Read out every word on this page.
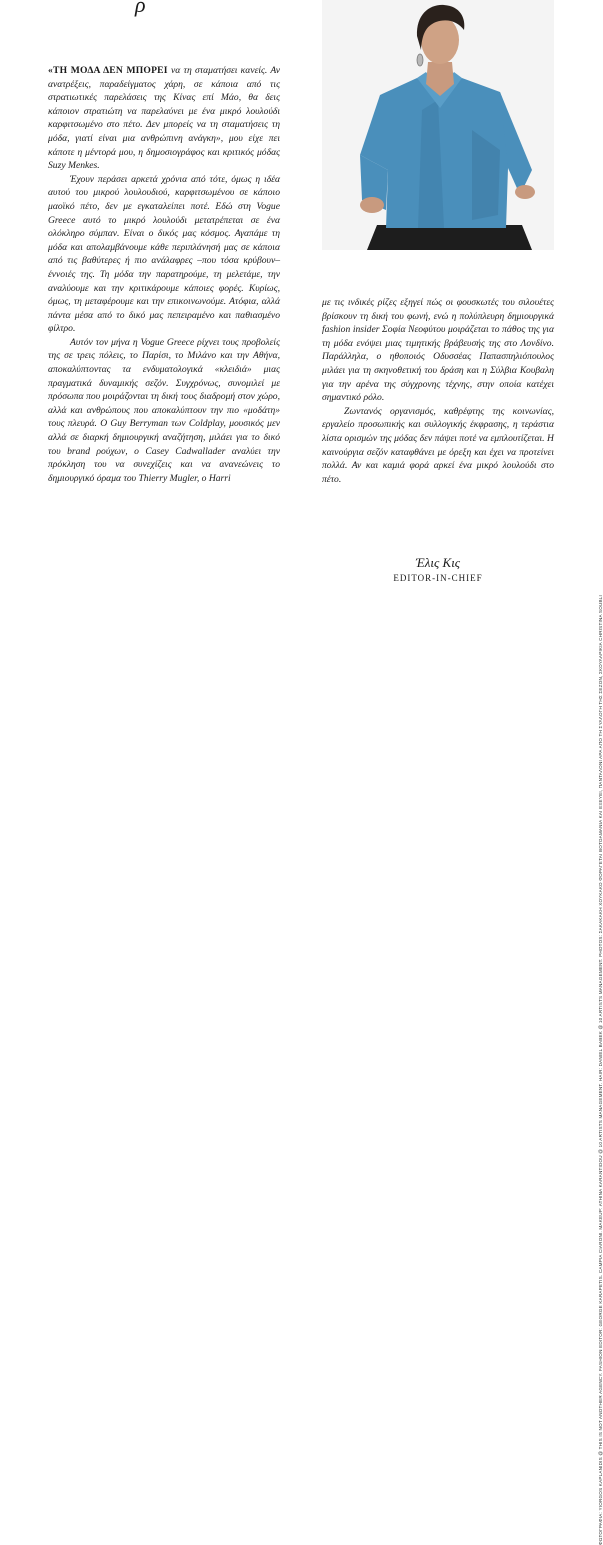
ρ

«ΤΗ ΜΟΔΑ ΔΕΝ ΜΠΟΡΕΙ να τη σταματήσει κανείς. Αν ανατρέξεις, παραδείγματος χάρη, σε κάποια από τις στρατιωτικές παρελάσεις της Κίνας επί Μάο, θα δεις κάποιον στρατιώτη να παρελαύνει με ένα μικρό λουλούδι καρφιτσωμένο στο πέτο. Δεν μπορείς να τη σταματήσεις τη μόδα, γιατί είναι μια ανθρώπινη ανάγκη», μου είχε πει κάποτε η μέντορά μου, η δημοσιογράφος και κριτικός μόδας Suzy Menkes.

Έχουν περάσει αρκετά χρόνια από τότε, όμως η ιδέα αυτού του μικρού λουλουδιού, καρφιτσωμένου σε κάποιο μαοϊκό πέτο, δεν με εγκαταλείπει ποτέ. Εδώ στη Vogue Greece αυτό το μικρό λουλούδι μετατρέπεται σε ένα ολόκληρο σύμπαν. Είναι ο δικός μας κόσμος. Αγαπάμε τη μόδα και απολαμβάνουμε κάθε περιπλάνησή μας σε κάποια από τις βαθύτερες ή πιο ανάλαφρες –που τόσα κρύβουν– έννοιές της. Τη μόδα την παρατηρούμε, τη μελετάμε, την αναλύουμε και την κριτικάρουμε κάποιες φορές. Κυρίως, όμως, τη μεταφέρουμε και την επικοινωνούμε. Ατόφια, αλλά πάντα μέσα από το δικό μας πεπειραμένο και παθιασμένο φίλτρο.

Αυτόν τον μήνα η Vogue Greece ρίχνει τους προβολείς της σε τρεις πόλεις, το Παρίσι, το Μιλάνο και την Αθήνα, αποκαλύπτοντας τα ενδυματολογικά «κλειδιά» μιας πραγματικά δυναμικής σεζόν. Συγχρόνως, συνομιλεί με πρόσωπα που μοιράζονται τη δική τους διαδρομή στον χώρο, αλλά και ανθρώπους που αποκαλύπτουν την πιο «μοδάτη» τους πλευρά. Ο Guy Berryman των Coldplay, μουσικός μεν αλλά σε διαρκή δημιουργική αναζήτηση, μιλάει για το δικό του brand ρούχων, ο Casey Cadwallader αναλύει την πρόκληση του να συνεχίζεις και να ανανεώνεις το δημιουργικό όραμα του Thierry Mugler, ο Harri

με τις ινδικές ρίζες εξηγεί πώς οι φουσκωτές του σιλουέτες βρίσκουν τη δική του φωνή, ενώ η πολύπλευρη δημιουργικά fashion insider Σοφία Νεοφύτου μοιράζεται το πάθος της για τη μόδα ενόψει μιας τιμητικής βράβευσής της στο Λονδίνο. Παράλληλα, ο ηθοποιός Οδυσσέας Παπασπηλιόπουλος μιλάει για τη σκηνοθετική του δράση και η Σύλβια Κουβαλη για την αρένα της σύγχρονης τέχνης, στην οποία κατέχει σημαντικό ρόλο.

Ζωντανός οργανισμός, καθρέφτης της κοινωνίας, εργαλείο προσωπικής και συλλογικής έκφρασης, η τεράστια λίστα ορισμών της μόδας δεν πάψει ποτέ να εμπλουτίζεται. Η καινούργια σεζόν καταφθάνει με όρεξη και έχει να προτείνει πολλά. Αν και καμιά φορά αρκεί ένα μικρό λουλούδι στο πέτο.

Έλις Κις
EDITOR-IN-CHIEF
ΦΩΤΟΓΡΑΦΙΑ: YIORGOS KAPLANIDIS @ THIS IS NOT ANOTHER AGENCY. FASHION EDITOR: GEORGE KARAPETIS. CAMPIA CIARONI. MAKEUP: ATHINA KARANTIDOU @ 10 ARTISTS MANAGEMENT. HAIR: DANIEL BABEK @ 10 ARTISTS MANAGEMENT. PHOTOS: ΣΑΚΑΚΑΚΗ ΧΟΥΚΑΚΟ ΦΟΡΑΓΕΤΑΙ ΒΟΤΟΑΜΑΝΙΑ ΚΑΙ ΕΞΕΥΕΙ, ΠΑΝΤΑΛΟΝΙ ΑΡΑ ΑΠΟ ΤΗ ΣΥΛΛΟΓΗ ΤΗΣ ΣΕΖΟΝ, ΣΚΟΥΛΑΡΙΚΙΑ CHRISTINA SOUBLI
